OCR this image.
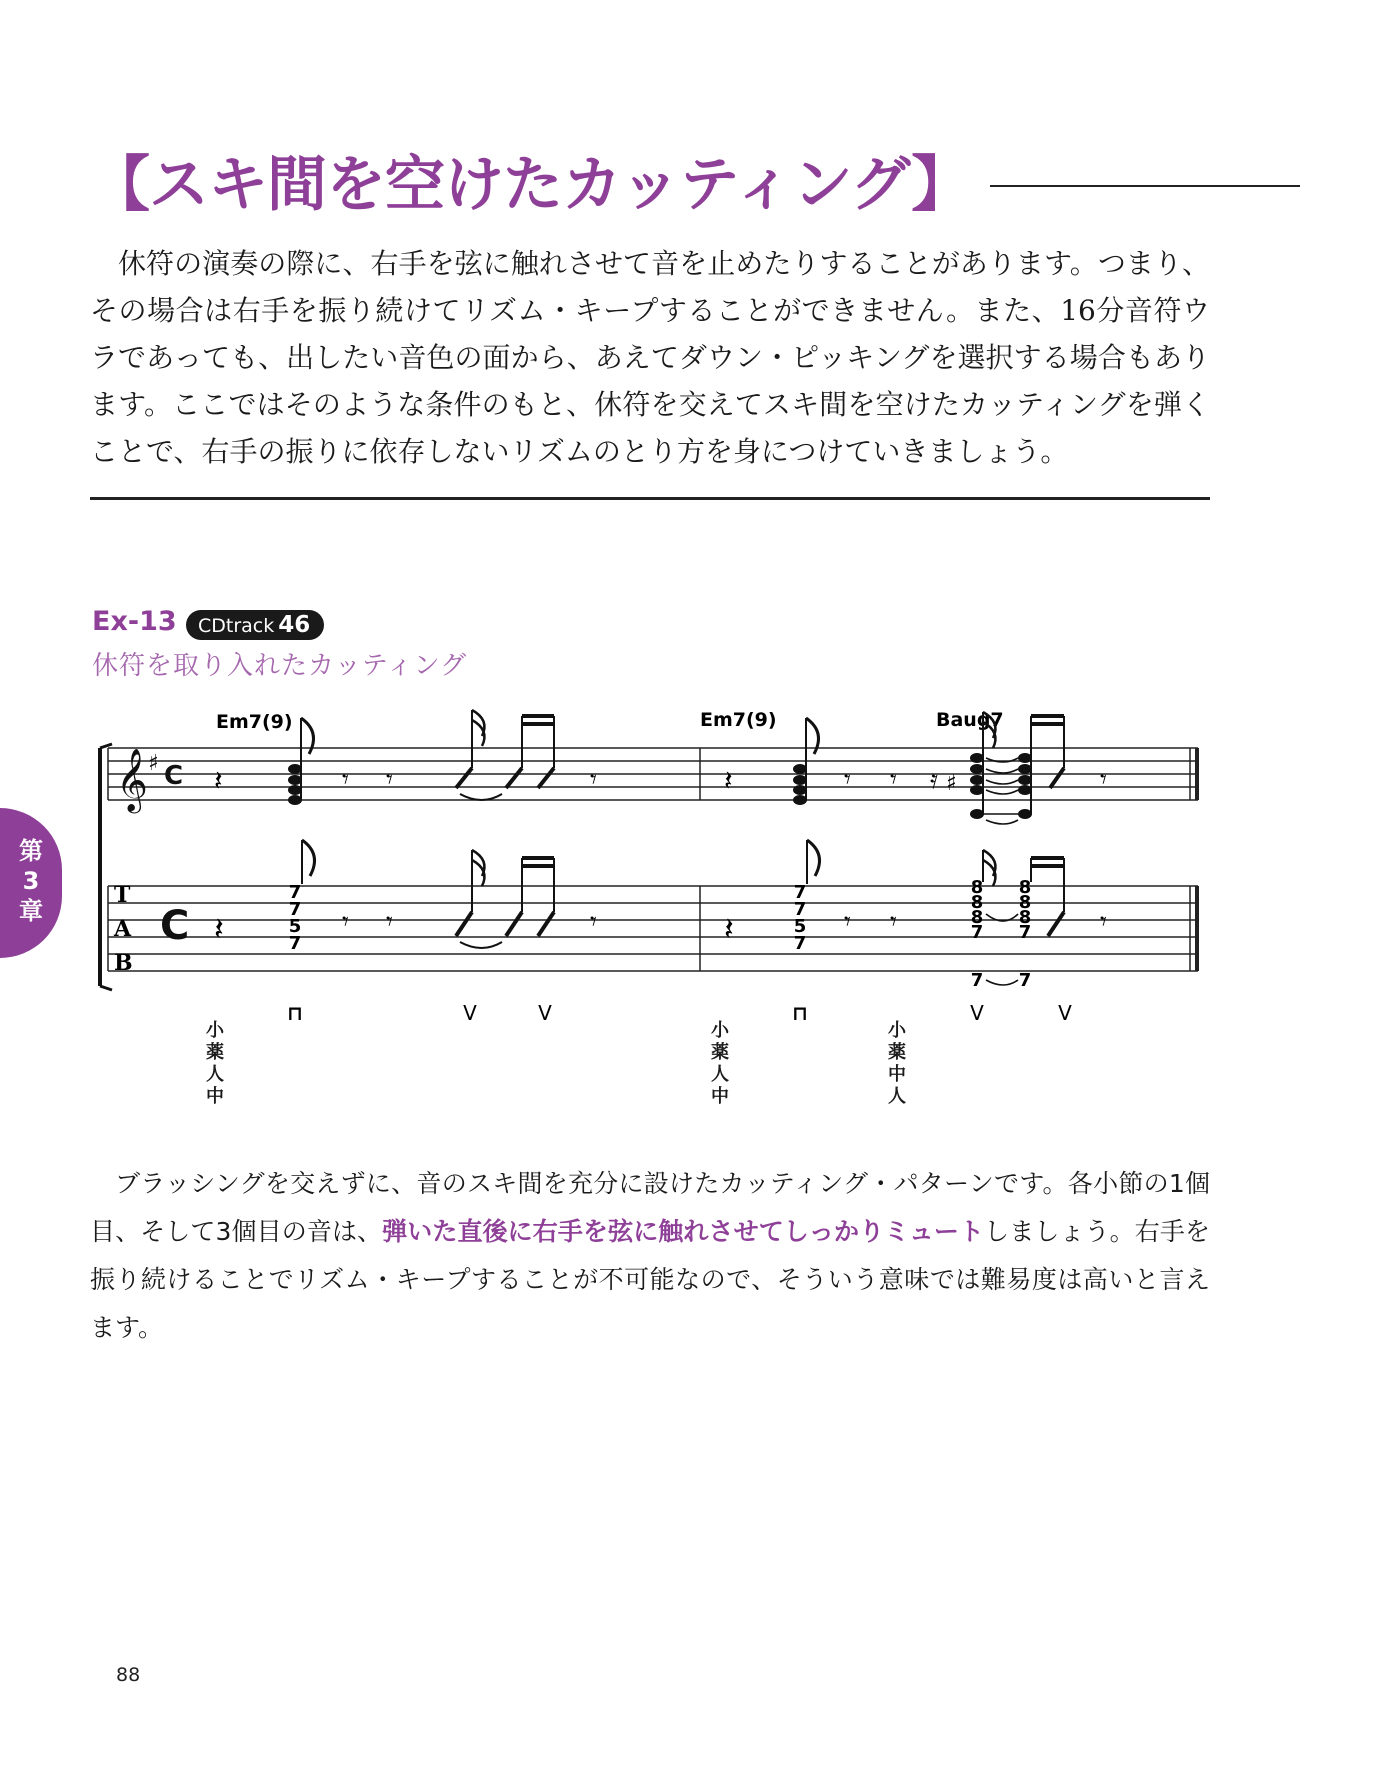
【スキ間を空けたカッティング】

休符の演奏の際に、右手を弦に触れさせて音を止めたりすることがあります。つまり、その場合は右手を振り続けてリズム・キープすることができません。また、16分音符ウラであっても、出したい音色の面から、あえてダウン・ピッキングを選択する場合もあります。ここではそのような条件のもと、休符を交えてスキ間を空けたカッティングを弾くことで、右手の振りに依存しないリズムのとり方を身につけていきましょう。

Ex-13	CDtrack 46
休符を取り入れたカッティング
Em7(9)	Em7(9)	Baug7
𝄞 ♯ C
C
T
A
B
𝄽
𝄽
𝄾 𝄾	𝄾
7
7
5
7
𝄾 𝄾	𝄾
𝄽
𝄽
𝄾 𝄾 𝄿 ♯	𝄾
7
7
5
7
8
8
8
7
8
8
8
7
7 7
𝄾 𝄾	𝄾
⊓	V	V	⊓	V	V
小薬人中
小薬人中
小薬中人

ブラッシングを交えずに、音のスキ間を充分に設けたカッティング・パターンです。各小節の1個目、そして3個目の音は、弾いた直後に右手を弦に触れさせてしっかりミュートしましょう。右手を振り続けることでリズム・キープすることが不可能なので、そういう意味では難易度は高いと言えます。

第3章
88
